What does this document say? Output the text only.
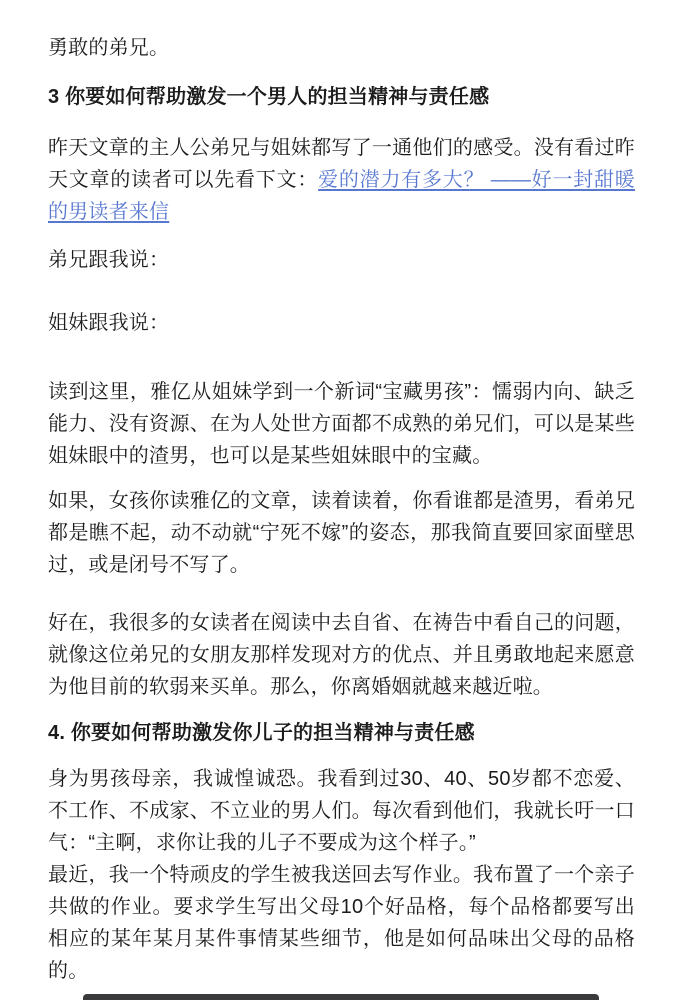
勇敢的弟兄。

3 你要如何帮助激发一个男人的担当精神与责任感

昨天文章的主人公弟兄与姐妹都写了一通他们的感受。没有看过昨天文章的读者可以先看下文：爱的潜力有多大？ ——好一封甜暖的男读者来信

弟兄跟我说：

姐妹跟我说：

读到这里，雅亿从姐妹学到一个新词“宝藏男孩”：懦弱内向、缺乏能力、没有资源、在为人处世方面都不成熟的弟兄们，可以是某些姐妹眼中的渣男，也可以是某些姐妹眼中的宝藏。

如果，女孩你读雅亿的文章，读着读着，你看谁都是渣男，看弟兄都是瞧不起，动不动就“宁死不嫁”的姿态，那我简直要回家面壁思过，或是闭号不写了。

好在，我很多的女读者在阅读中去自省、在祷告中看自己的问题，就像这位弟兄的女朋友那样发现对方的优点、并且勇敢地起来愿意为他目前的软弱来买单。那么，你离婚姻就越来越近啦。

4. 你要如何帮助激发你儿子的担当精神与责任感

身为男孩母亲，我诚惶诚恐。我看到过30、40、50岁都不恋爱、不工作、不成家、不立业的男人们。每次看到他们，我就长吁一口气：“主啊，求你让我的儿子不要成为这个样子。”

最近，我一个特顽皮的学生被我送回去写作业。我布置了一个亲子共做的作业。要求学生写出父母10个好品格，每个品格都要写出相应的某年某月某件事情某些细节，他是如何品味出父母的品格的。
